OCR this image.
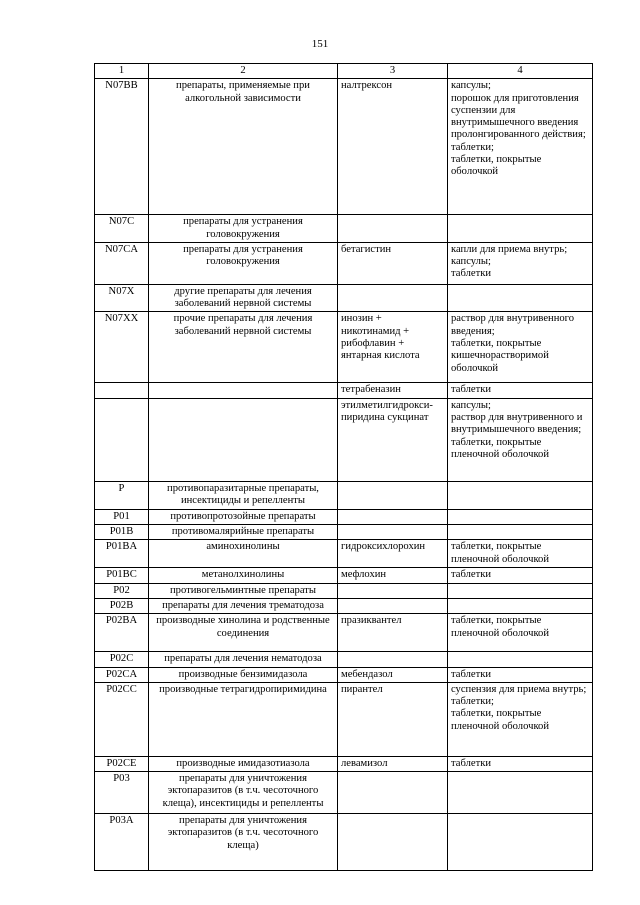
151
1	2	3	4
N07BB	препараты, применяемые при алкогольной зависимости	налтрексон	капсулы;
порошок для приготовления суспензии для внутримышечного введения пролонгированного действия;
таблетки;
таблетки, покрытые оболочкой
N07C	препараты для устранения головокружения		
N07CA	препараты для устранения головокружения	бетагистин	капли для приема внутрь;
капсулы;
таблетки
N07X	другие препараты для лечения заболеваний нервной системы		
N07XX	прочие препараты для лечения заболеваний нервной системы	инозин +
никотинамид +
рибофлавин +
янтарная кислота	раствор для внутривенного введения;
таблетки, покрытые кишечнорастворимой оболочкой
		тетрабеназин	таблетки
		этилметилгидрокси-
пиридина сукцинат	капсулы;
раствор для внутривенного и внутримышечного введения;
таблетки, покрытые пленочной оболочкой
P	противопаразитарные препараты, инсектициды и репелленты		
P01	противопротозойные препараты		
P01B	противомалярийные препараты		
P01BA	аминохинолины	гидроксихлорохин	таблетки, покрытые пленочной оболочкой
P01BC	метанолхинолины	мефлохин	таблетки
P02	противогельминтные препараты		
P02B	препараты для лечения трематодоза		
P02BA	производные хинолина и родственные соединения	празиквантел	таблетки, покрытые пленочной оболочкой
P02C	препараты для лечения нематодоза		
P02CA	производные бензимидазола	мебендазол	таблетки
P02CC	производные тетрагидропиримидина	пирантел	суспензия для приема внутрь;
таблетки;
таблетки, покрытые пленочной оболочкой
P02CE	производные имидазотиазола	левамизол	таблетки
P03	препараты для уничтожения эктопаразитов (в т.ч. чесоточного клеща), инсектициды и репелленты		
P03A	препараты для уничтожения эктопаразитов (в т.ч. чесоточного клеща)		
